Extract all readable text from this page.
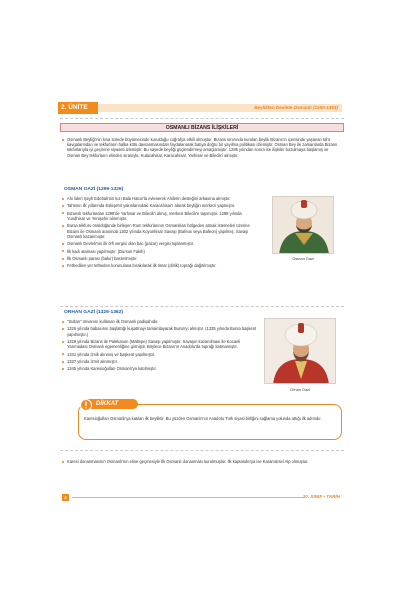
2. ÜNİTE	Beylikten Devlete Osmanlı (1300-1453)
OSMANLI BİZANS İLİŞKİLERİ
Osmanlı Beyliği'nin kısa sürede büyümesinde kurulduğu coğrafya etkili olmuştur. Bizans sınırında kurulan beylik Bizans'ın içerisinde yaşanan taht kavgalarından ve tekfurların halka kötü davranmasından faydalanarak batıya doğru bir yayılma politikası izlemiştir. Osman Bey ile zamanlarda Bizans tekfurlarıyla iyi geçinme siyaseti izlemiştir. Bu sayede beyliği güçlendirmeyi amaçlamıştır. 1285 yılından sonra ise ilişkiler bozulmaya başlamış ve Osman Bey tekfurların elinden sırasıyla; Kulacahisar, Karacahisar, Yarhisar ve Bilecik'i almıştır.
OSMAN GAZİ (1299-1326)
Ahi lideri Şeyh Edebali'nin kızı Bala Hatun'la evlenerek Ahilerin desteğini arkasına almıştır.
Tahtının ilk yıllarında Eskişehir yakınlarındaki Karacahisar'ı alarak beyliğin merkezi yapmıştır.
Bizanslı tekfurlardan 1298'de Yarhisar ve Bilecik'i almış, merkezi Bilecik'e taşımıştır. 1299 yılında Yundhisar ve Yenişehir alınmıştır.
Bursa tekfuru önüldüğünde birleşen Rum tekfurlarının Osmanlıları bölgeden atmak istemeleri üzerine Bizans ile Osmanlı arasında 1302 yılında Koyunhisar Savaşı (Bafeus veya Bafeon) yapılmış. Savaşı Osmanlı kazanmıştır.
Osmanlı Devleti'nin ilk örfi vergisi olan bac (pazar) vergisi toplanmıştır.
İlk kadı ataması yapılmıştır. (Dursun Fakih)
İlk Osmanlı parası (bakır) bastırılmıştır.
Fethedilen yer tetheden korunulana bırakılarak ilk timar (dirlik) toprağı dağıtılmıştır.
Osman Gazi
ORHAN GAZİ (1326-1362)
"Sultan" ünvanını kullanan ilk Osmanlı padişahıdır.
1326 yılında babasının başlattığı kuşatmayı tamamlayarak Bursa'yı almıştır. (1335 yılında Bursa başkent yapılmıştır.)
1329 yılında Bizans ile Palekanon (Maltepe) Savaşı yapılmıştır. Savaşın kazanılması ile Kocaeli Yarımadası Osmanlı egemenliğine girmiştir. Böylece Bizans'ın Anadolu'da toprağı katmamıştır.
1331 yılında İznik alınmış ve başkent yapılmıştır.
1337 yılında İzmit alınmıştır.
1345 yılında Karesioğulları Osmanlı'ya katılmıştır.
Orhan Gazi
DİKKAT
Karesioğulları Osmanlı'ya katılan ilk beyliktir. Bu yüzden Osmanlı'nın Anadolu Türk siyasi birliğini sağlama yolunda attığı ilk adımdır.
Karesi donanmasının Osmanlı'nın eline geçmesiyle İlk Osmanlı donanması kurulmuştur. İlk kaptanderya ise Karamürsel Alp olmuştur.
4	10. SINIF • TARİH
